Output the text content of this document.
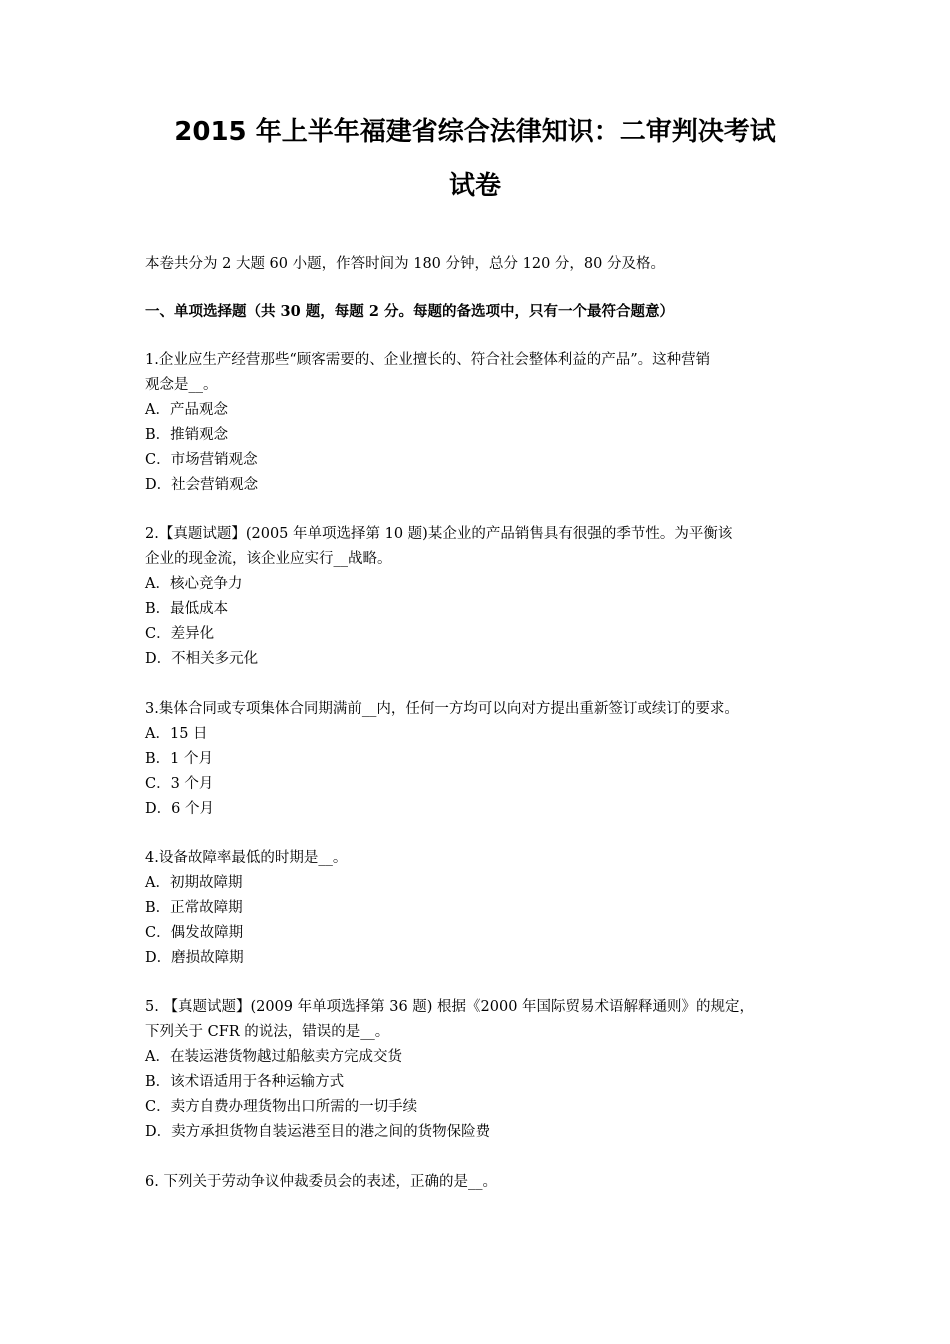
2015 年上半年福建省综合法律知识：二审判决考试
试卷
本卷共分为 2 大题 60 小题，作答时间为 180 分钟，总分 120 分，80 分及格。
一、单项选择题（共 30 题，每题 2 分。每题的备选项中，只有一个最符合题意）
1.企业应生产经营那些“顾客需要的、企业擅长的、符合社会整体利益的产品”。这种营销
观念是__。
A．产品观念
B．推销观念
C．市场营销观念
D．社会营销观念
2.【真题试题】(2005 年单项选择第 10 题)某企业的产品销售具有很强的季节性。为平衡该
企业的现金流，该企业应实行__战略。
A．核心竞争力
B．最低成本
C．差异化
D．不相关多元化
3.集体合同或专项集体合同期满前__内，任何一方均可以向对方提出重新签订或续订的要求。
A．15 日
B．1 个月
C．3 个月
D．6 个月
4.设备故障率最低的时期是__。
A．初期故障期
B．正常故障期
C．偶发故障期
D．磨损故障期
5. 【真题试题】(2009 年单项选择第 36 题) 根据《2000 年国际贸易术语解释通则》的规定，
下列关于 CFR 的说法，错误的是__。
A．在装运港货物越过船舷卖方完成交货
B．该术语适用于各种运输方式
C．卖方自费办理货物出口所需的一切手续
D．卖方承担货物自装运港至目的港之间的货物保险费
6. 下列关于劳动争议仲裁委员会的表述，正确的是__。
